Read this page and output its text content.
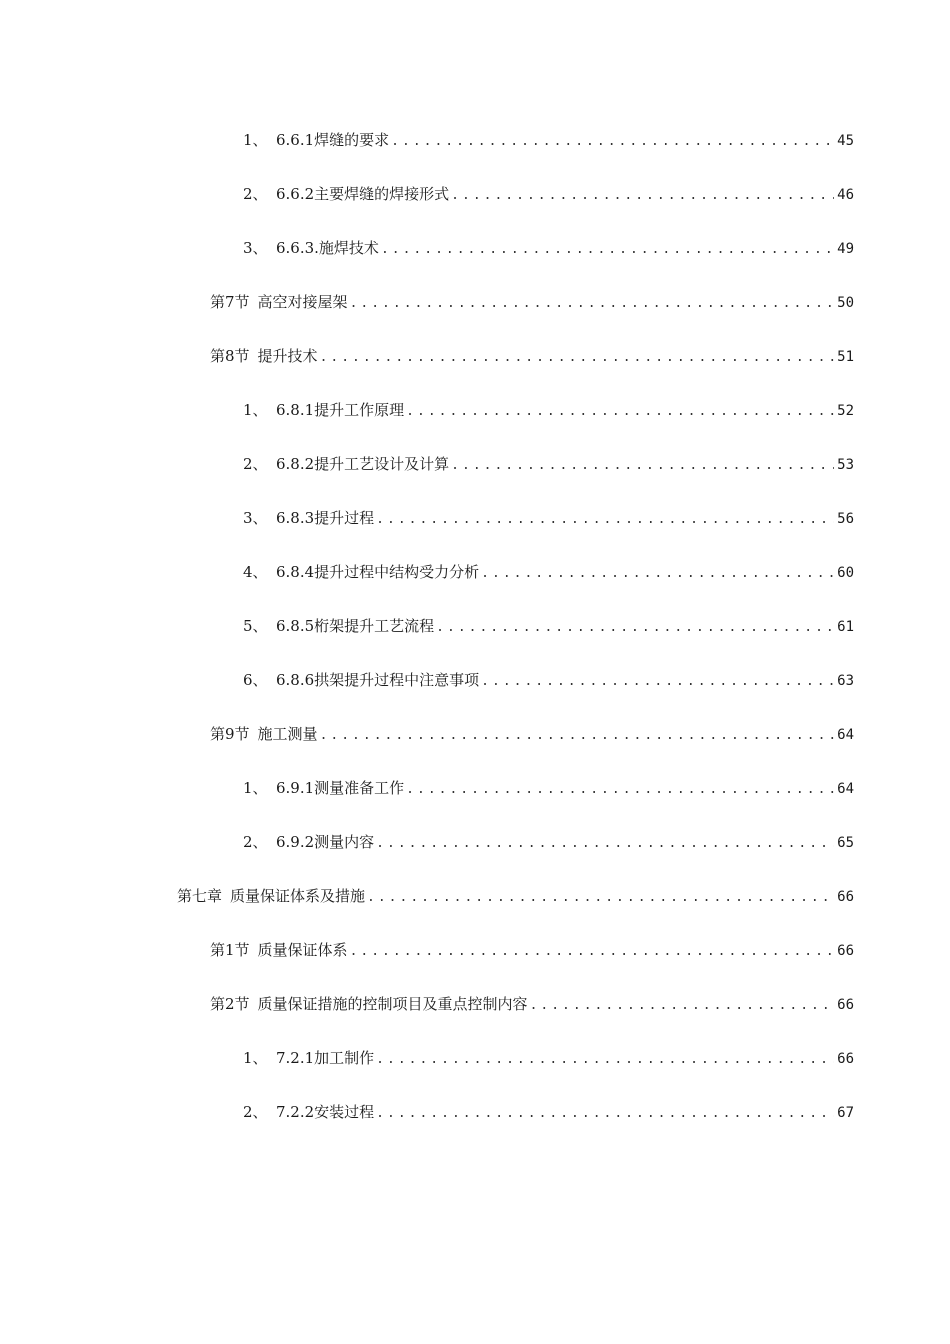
1、 6.6.1焊缝的要求 .....	45
2、 6.6.2主要焊缝的焊接形式 .....	46
3、 6.6.3.施焊技术 .....	49
第7节 高空对接屋架 .....	50
第8节 提升技术 .....	51
1、 6.8.1提升工作原理 .....	52
2、 6.8.2提升工艺设计及计算 .....	53
3、 6.8.3提升过程 .....	56
4、 6.8.4提升过程中结构受力分析 .....	60
5、 6.8.5桁架提升工艺流程 .....	61
6、 6.8.6拱架提升过程中注意事项 .....	63
第9节 施工测量 .....	64
1、 6.9.1测量准备工作 .....	64
2、 6.9.2测量内容 .....	65
第七章 质量保证体系及措施 .....	66
第1节 质量保证体系 .....	66
第2节 质量保证措施的控制项目及重点控制内容 .....	66
1、 7.2.1加工制作 .....	66
2、 7.2.2安装过程 .....	67
